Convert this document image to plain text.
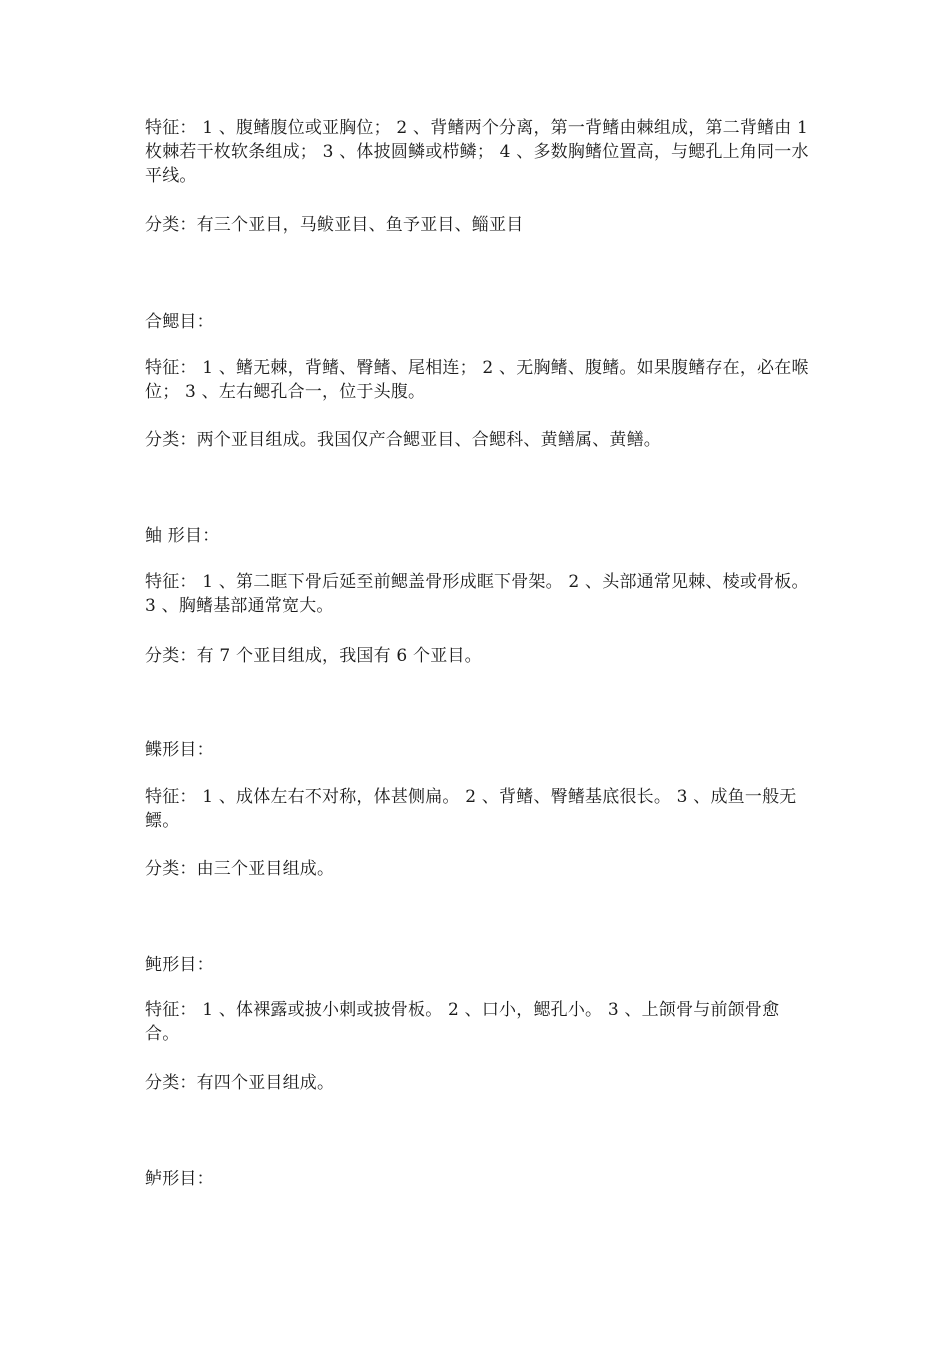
特征： 1 、腹鳍腹位或亚胸位； 2 、背鳍两个分离，第一背鳍由棘组成，第二背鳍由 1 枚棘若干枚软条组成； 3 、体披圆鳞或栉鳞； 4 、多数胸鳍位置高，与鳃孔上角同一水平线。
分类：有三个亚目，马鲅亚目、鱼予亚目、鲻亚目
合鳃目：
特征： 1 、鳍无棘，背鳍、臀鳍、尾相连； 2 、无胸鳍、腹鳍。如果腹鳍存在，必在喉位； 3 、左右鳃孔合一，位于头腹。
分类：两个亚目组成。我国仅产合鳃亚目、合鳃科、黄鳝属、黄鳝。
鲉 形目：
特征： 1 、第二眶下骨后延至前鳃盖骨形成眶下骨架。 2 、头部通常见棘、棱或骨板。 3 、胸鳍基部通常宽大。
分类：有 7 个亚目组成，我国有 6 个亚目。
鲽形目：
特征： 1 、成体左右不对称，体甚侧扁。 2 、背鳍、臀鳍基底很长。 3 、成鱼一般无鳔。
分类：由三个亚目组成。
鲀形目：
特征： 1 、体裸露或披小刺或披骨板。 2 、口小，鳃孔小。 3 、上颌骨与前颌骨愈合。
分类：有四个亚目组成。
鲈形目：
